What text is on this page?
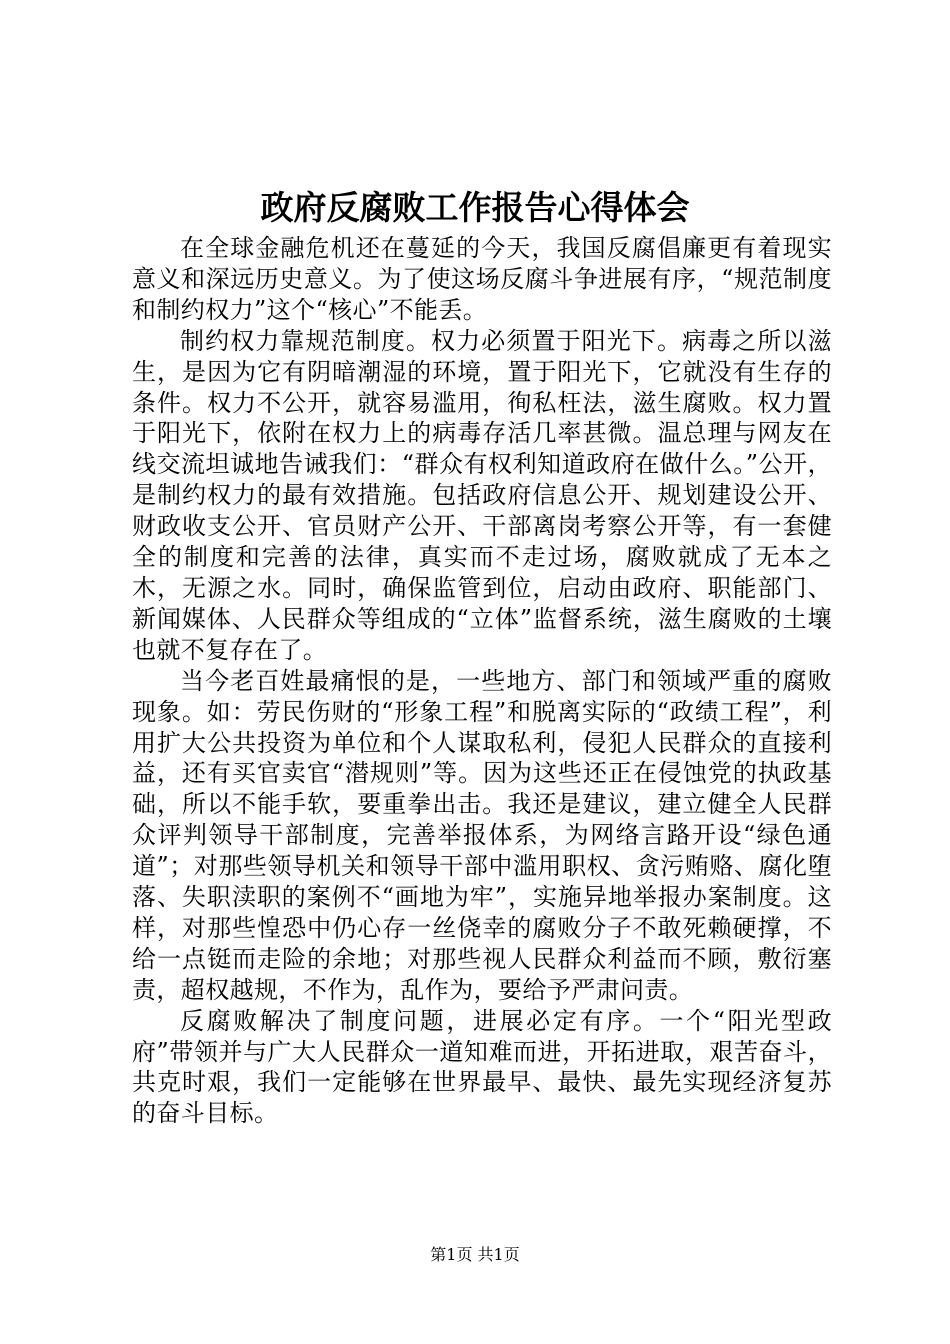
政府反腐败工作报告心得体会

在全球金融危机还在蔓延的今天，我国反腐倡廉更有着现实意义和深远历史意义。为了使这场反腐斗争进展有序，“规范制度和制约权力”这个“核心”不能丢。

制约权力靠规范制度。权力必须置于阳光下。病毒之所以滋生，是因为它有阴暗潮湿的环境，置于阳光下，它就没有生存的条件。权力不公开，就容易滥用，徇私枉法，滋生腐败。权力置于阳光下，依附在权力上的病毒存活几率甚微。温总理与网友在线交流坦诚地告诫我们：“群众有权利知道政府在做什么。”公开，是制约权力的最有效措施。包括政府信息公开、规划建设公开、财政收支公开、官员财产公开、干部离岗考察公开等，有一套健全的制度和完善的法律，真实而不走过场，腐败就成了无本之木，无源之水。同时，确保监管到位，启动由政府、职能部门、新闻媒体、人民群众等组成的“立体”监督系统，滋生腐败的土壤也就不复存在了。

当今老百姓最痛恨的是，一些地方、部门和领域严重的腐败现象。如：劳民伤财的“形象工程”和脱离实际的“政绩工程”，利用扩大公共投资为单位和个人谋取私利，侵犯人民群众的直接利益，还有买官卖官“潜规则”等。因为这些还正在侵蚀党的执政基础，所以不能手软，要重拳出击。我还是建议，建立健全人民群众评判领导干部制度，完善举报体系，为网络言路开设“绿色通道”；对那些领导机关和领导干部中滥用职权、贪污贿赂、腐化堕落、失职渎职的案例不“画地为牢”，实施异地举报办案制度。这样，对那些惶恐中仍心存一丝侥幸的腐败分子不敢死赖硬撑，不给一点铤而走险的余地；对那些视人民群众利益而不顾，敷衍塞责，超权越规，不作为，乱作为，要给予严肃问责。

反腐败解决了制度问题，进展必定有序。一个“阳光型政府”带领并与广大人民群众一道知难而进，开拓进取，艰苦奋斗，共克时艰，我们一定能够在世界最早、最快、最先实现经济复苏的奋斗目标。

第1页 共1页
